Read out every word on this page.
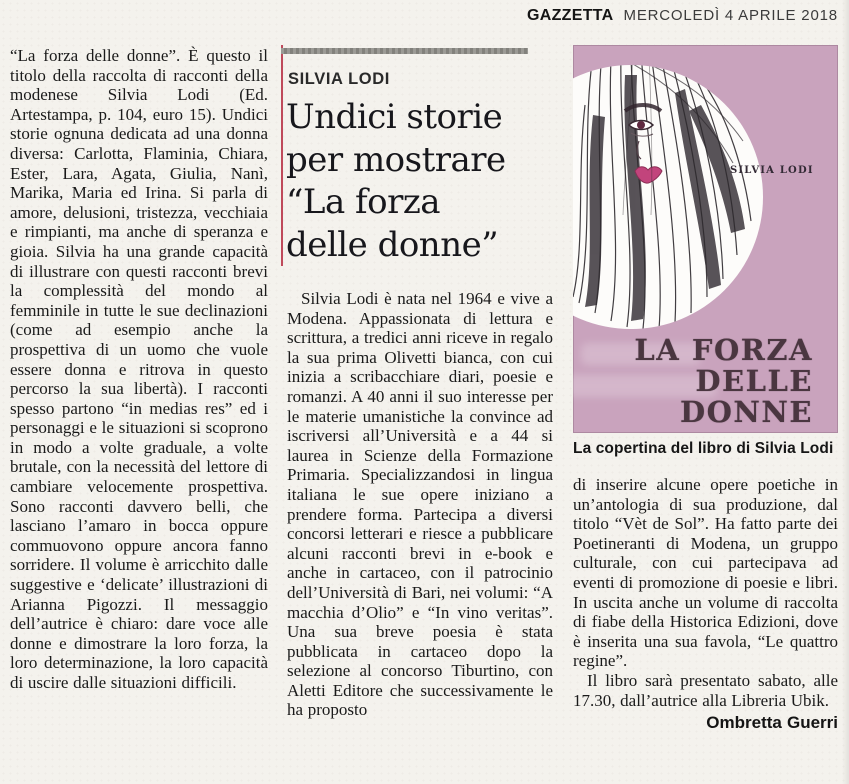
GAZZETTA MERCOLEDÌ 4 APRILE 2018
“La forza delle donne”. È questo il titolo della raccolta di racconti della modenese Silvia Lodi (Ed. Artestampa, p. 104, euro 15). Undici storie ognuna dedicata ad una donna diversa: Carlotta, Flaminia, Chiara, Ester, Lara, Agata, Giulia, Nanì, Marika, Maria ed Irina. Si parla di amore, delusioni, tristezza, vecchiaia e rimpianti, ma anche di speranza e gioia. Silvia ha una grande capacità di illustrare con questi racconti brevi la complessità del mondo al femminile in tutte le sue declinazioni (come ad esempio anche la prospettiva di un uomo che vuole essere donna e ritrova in questo percorso la sua libertà). I racconti spesso partono “in medias res” ed i personaggi e le situazioni si scoprono in modo a volte graduale, a volte brutale, con la necessità del lettore di cambiare velocemente prospettiva. Sono racconti davvero belli, che lasciano l’amaro in bocca oppure commuovono oppure ancora fanno sorridere. Il volume è arricchito dalle suggestive e ‘delicate’ illustrazioni di Arianna Pigozzi. Il messaggio dell’autrice è chiaro: dare voce alle donne e dimostrare la loro forza, la loro determinazione, la loro capacità di uscire dalle situazioni difficili.
SILVIA LODI
Undici storie
per mostrare
“La forza
delle donne”
Silvia Lodi è nata nel 1964 e vive a Modena. Appassionata di lettura e scrittura, a tredici anni riceve in regalo la sua prima Olivetti bianca, con cui inizia a scribacchiare diari, poesie e romanzi. A 40 anni il suo interesse per le materie umanistiche la convince ad iscriversi all’Università e a 44 si laurea in Scienze della Formazione Primaria. Specializzandosi in lingua italiana le sue opere iniziano a prendere forma. Partecipa a diversi concorsi letterari e riesce a pubblicare alcuni racconti brevi in e-book e anche in cartaceo, con il patrocinio dell’Università di Bari, nei volumi: “A macchia d’Olio” e “In vino veritas”. Una sua breve poesia è stata pubblicata in cartaceo dopo la selezione al concorso Tiburtino, con Aletti Editore che successivamente le ha proposto
SILVIA LODI
LA FORZA
DELLE DONNE
La copertina del libro di Silvia Lodi
di inserire alcune opere poetiche in un’antologia di sua produzione, dal titolo “Vèt de Sol”. Ha fatto parte dei Poetineranti di Modena, un gruppo culturale, con cui partecipava ad eventi di promozione di poesie e libri. In uscita anche un volume di raccolta di fiabe della Historica Edizioni, dove è inserita una sua favola, “Le quattro regine”.
Il libro sarà presentato sabato, alle 17.30, dall’autrice alla Libreria Ubik.
Ombretta Guerri
